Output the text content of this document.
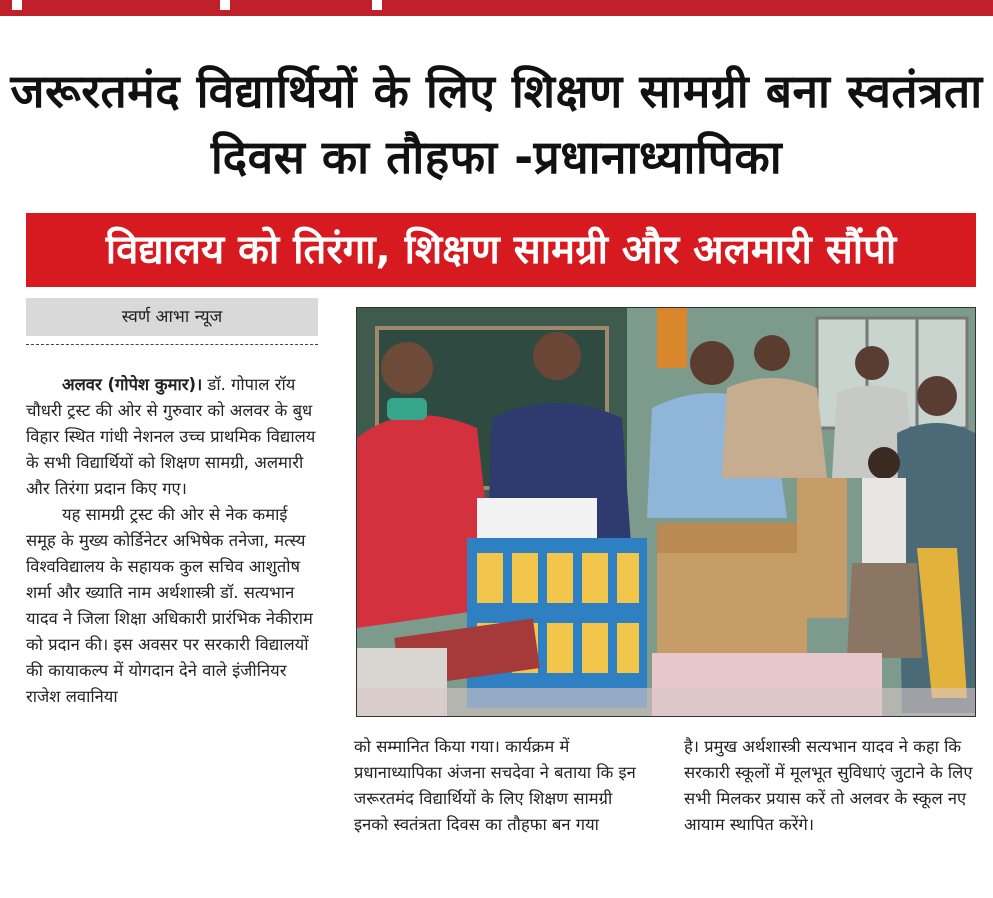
जरूरतमंद विद्यार्थियों के लिए शिक्षण सामग्री बना स्वतंत्रता दिवस का तौहफा -प्रधानाध्यापिका
विद्यालय को तिरंगा, शिक्षण सामग्री और अलमारी सौंपी
स्वर्ण आभा न्यूज

अलवर (गोपेश कुमार)। डॉ. गोपाल रॉय चौधरी ट्रस्ट की ओर से गुरुवार को अलवर के बुध विहार स्थित गांधी नेशनल उच्च प्राथमिक विद्यालय के सभी विद्यार्थियों को शिक्षण सामग्री, अलमारी और तिरंगा प्रदान किए गए।

यह सामग्री ट्रस्ट की ओर से नेक कमाई समूह के मुख्य कोर्डिनेटर अभिषेक तनेजा, मत्स्य विश्वविद्यालय के सहायक कुल सचिव आशुतोष शर्मा और ख्याति नाम अर्थशास्त्री डॉ. सत्यभान यादव ने जिला शिक्षा अधिकारी प्रारंभिक नेकीराम को प्रदान की। इस अवसर पर सरकारी विद्यालयों की कायाकल्प में योगदान देने वाले इंजीनियर राजेश लवानिया

को सम्मानित किया गया। कार्यक्रम में प्रधानाध्यापिका अंजना सचदेवा ने बताया कि इन जरूरतमंद विद्यार्थियों के लिए शिक्षण सामग्री इनको स्वतंत्रता दिवस का तौहफा बन गया

है। प्रमुख अर्थशास्त्री सत्यभान यादव ने कहा कि सरकारी स्कूलों में मूलभूत सुविधाएं जुटाने के लिए सभी मिलकर प्रयास करें तो अलवर के स्कूल नए आयाम स्थापित करेंगे।
